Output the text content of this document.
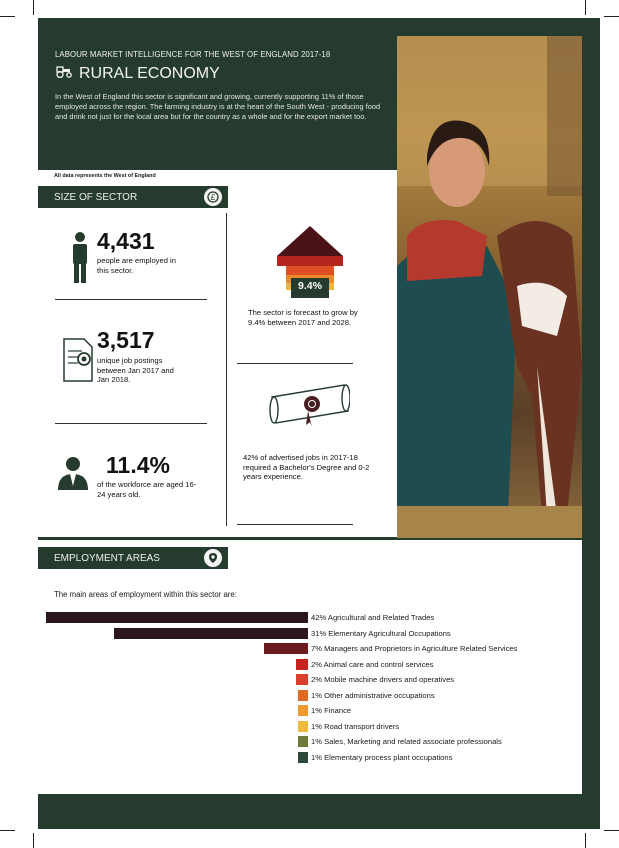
LABOUR MARKET INTELLIGENCE FOR THE WEST OF ENGLAND 2017-18
RURAL ECONOMY
In the West of England this sector is significant and growing, currently supporting 11% of those employed across the region. The farming industry is at the heart of the South West - producing food and drink not just for the local area but for the country as a whole and for the export market too.
All data represents the West of England
SIZE OF SECTOR	£
4,431
people are employed in this sector.
3,517
unique job postings between Jan 2017 and Jan 2018.
11.4%
of the workforce are aged 16-24 years old.
9.4%
The sector is forecast to grow by 9.4% between 2017 and 2028.
42% of advertised jobs in 2017-18 required a Bachelor's Degree and 0-2 years experience.
EMPLOYMENT AREAS
The main areas of employment within this sector are:
42% Agricultural and Related Trades
31% Elementary Agricultural Occupations
7% Managers and Proprietors in Agriculture Related Services
2% Animal care and control services
2% Mobile machine drivers and operatives
1% Other administrative occupations
1% Finance
1% Road transport drivers
1% Sales, Marketing and related associate professionals
1% Elementary process plant occupations
